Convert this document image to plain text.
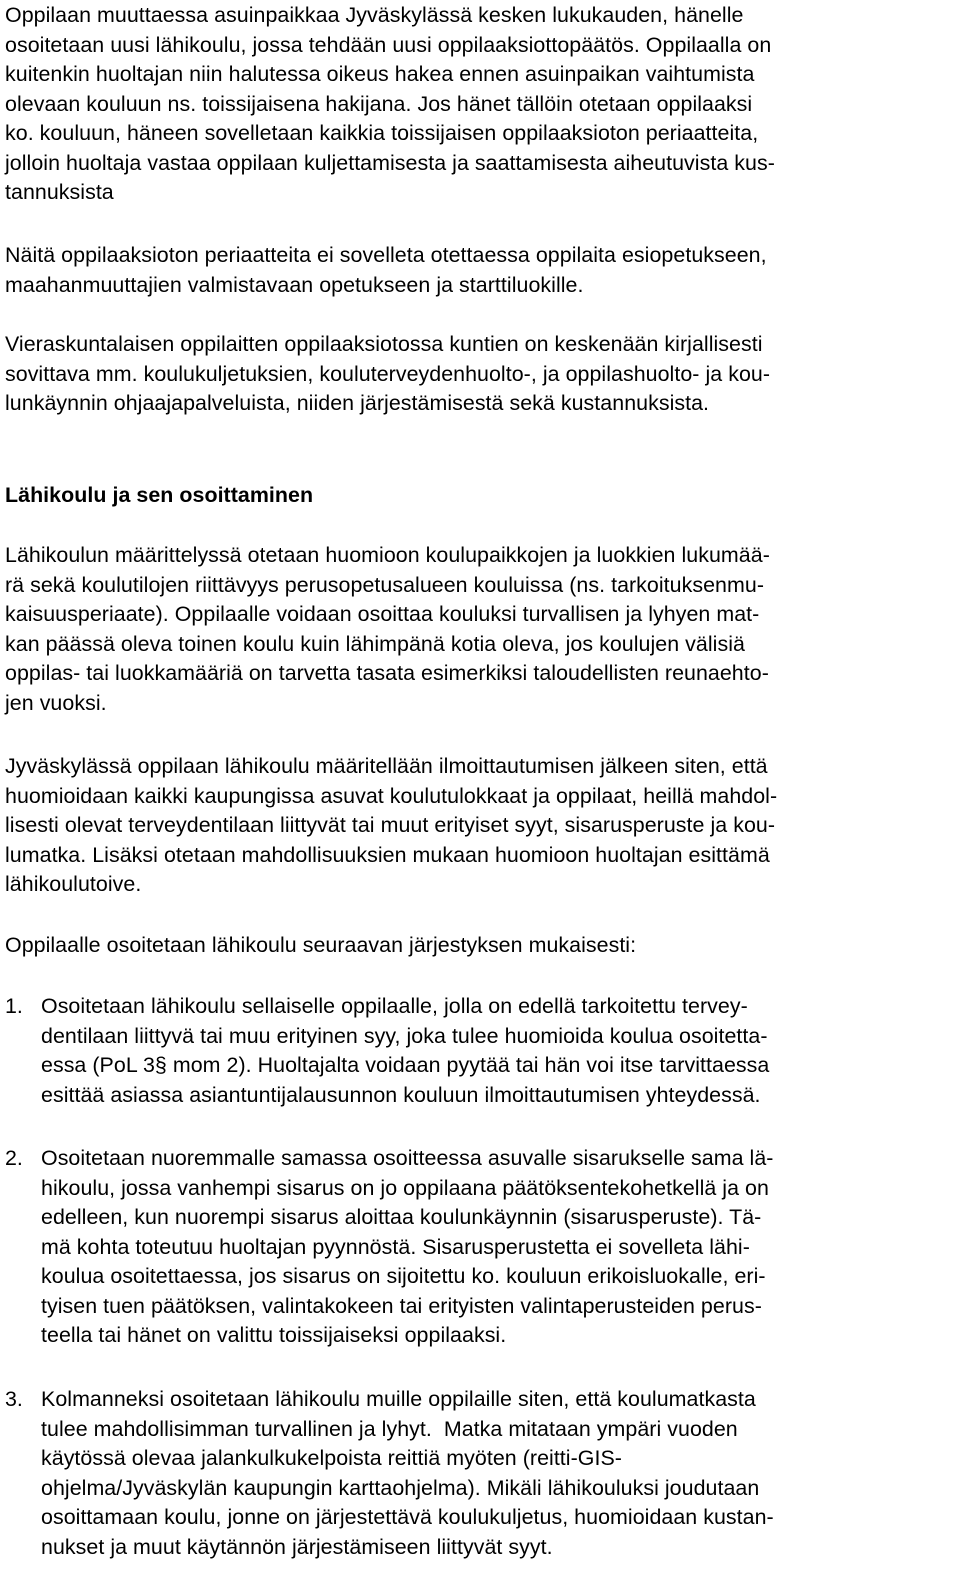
Oppilaan muuttaessa asuinpaikkaa Jyväskylässä kesken lukukauden, hänelle
osoitetaan uusi lähikoulu, jossa tehdään uusi oppilaaksiottopäätös. Oppilaalla on
kuitenkin huoltajan niin halutessa oikeus hakea ennen asuinpaikan vaihtumista
olevaan kouluun ns. toissijaisena hakijana. Jos hänet tällöin otetaan oppilaaksi
ko. kouluun, häneen sovelletaan kaikkia toissijaisen oppilaaksioton periaatteita,
jolloin huoltaja vastaa oppilaan kuljettamisesta ja saattamisesta aiheutuvista kus-
tannuksista
Näitä oppilaaksioton periaatteita ei sovelleta otettaessa oppilaita esiopetukseen,
maahanmuuttajien valmistavaan opetukseen ja starttiluokille.
Vieraskuntalaisen oppilaitten oppilaaksiotossa kuntien on keskenään kirjallisesti
sovittava mm. koulukuljetuksien, kouluterveydenhuolto-, ja oppilashuolto- ja kou-
lunkäynnin ohjaajapalveluista, niiden järjestämisestä sekä kustannuksista.
Lähikoulu ja sen osoittaminen
Lähikoulun määrittelyssä otetaan huomioon koulupaikkojen ja luokkien lukumää-
rä sekä koulutilojen riittävyys perusopetusalueen kouluissa (ns. tarkoituksenmu-
kaisuusperiaate). Oppilaalle voidaan osoittaa kouluksi turvallisen ja lyhyen mat-
kan päässä oleva toinen koulu kuin lähimpänä kotia oleva, jos koulujen välisiä
oppilas- tai luokkamääriä on tarvetta tasata esimerkiksi taloudellisten reunaehto-
jen vuoksi.
Jyväskylässä oppilaan lähikoulu määritellään ilmoittautumisen jälkeen siten, että
huomioidaan kaikki kaupungissa asuvat koulutulokkaat ja oppilaat, heillä mahdol-
lisesti olevat terveydentilaan liittyvät tai muut erityiset syyt, sisarusperuste ja kou-
lumatka. Lisäksi otetaan mahdollisuuksien mukaan huomioon huoltajan esittämä
lähikoulutoive.
Oppilaalle osoitetaan lähikoulu seuraavan järjestyksen mukaisesti:
1. Osoitetaan lähikoulu sellaiselle oppilaalle, jolla on edellä tarkoitettu tervey-
dentilaan liittyvä tai muu erityinen syy, joka tulee huomioida koulua osoitetta-
essa (PoL 3§ mom 2). Huoltajalta voidaan pyytää tai hän voi itse tarvittaessa
esittää asiassa asiantuntijalausunnon kouluun ilmoittautumisen yhteydessä.
2. Osoitetaan nuoremmalle samassa osoitteessa asuvalle sisarukselle sama lä-
hikoulu, jossa vanhempi sisarus on jo oppilaana päätöksentekohetkellä ja on
edelleen, kun nuorempi sisarus aloittaa koulunkäynnin (sisarusperuste). Tä-
mä kohta toteutuu huoltajan pyynnöstä. Sisarusperustetta ei sovelleta lähi-
koulua osoitettaessa, jos sisarus on sijoitettu ko. kouluun erikoisluokalle, eri-
tyisen tuen päätöksen, valintakokeen tai erityisten valintaperusteiden perus-
teella tai hänet on valittu toissijaiseksi oppilaaksi.
3. Kolmanneksi osoitetaan lähikoulu muille oppilaille siten, että koulumatkasta
tulee mahdollisimman turvallinen ja lyhyt.  Matka mitataan ympäri vuoden
käytössä olevaa jalankulkukelpoista reittiä myöten (reitti-GIS-
ohjelma/Jyväskylän kaupungin karttaohjelma). Mikäli lähikouluksi joudutaan
osoittamaan koulu, jonne on järjestettävä koulukuljetus, huomioidaan kustan-
nukset ja muut käytännön järjestämiseen liittyvät syyt.
